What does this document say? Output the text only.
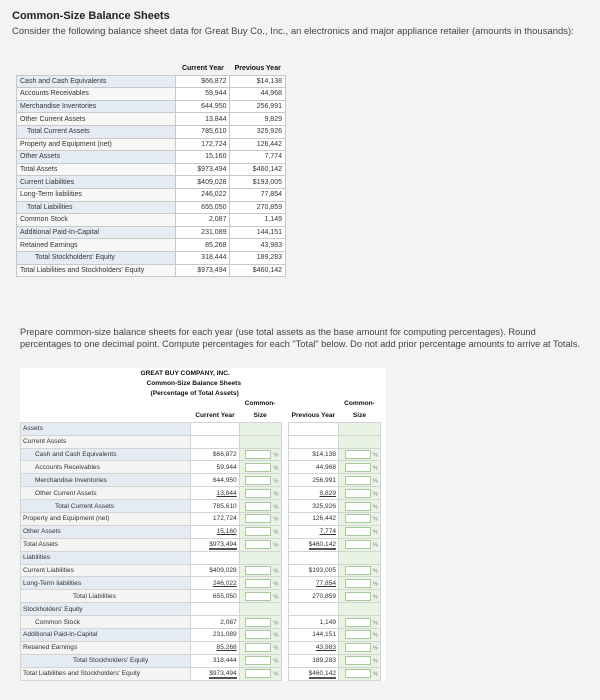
Common-Size Balance Sheets
Consider the following balance sheet data for Great Buy Co., Inc., an electronics and major appliance retailer (amounts in thousands):
	Current Year	Previous Year
Cash and Cash Equivalents	$66,872	$14,138
Accounts Receivables	59,944	44,968
Merchandise Inventories	644,950	256,991
Other Current Assets	13,844	9,829
Total Current Assets	785,610	325,926
Property and Equipment (net)	172,724	126,442
Other Assets	15,160	7,774
Total Assets	$973,494	$460,142
Current Liabilities	$409,028	$193,005
Long-Term liabilities	246,022	77,854
Total Liabilities	655,050	270,859
Common Stock	2,087	1,149
Additional Paid-In-Capital	231,089	144,151
Retained Earnings	85,268	43,983
Total Stockholders' Equity	318,444	189,283
Total Liabilities and Stockholders' Equity	$973,494	$460,142
Prepare common-size balance sheets for each year (use total assets as the base amount for computing percentages). Round percentages to one decimal point. Compute percentages for each "Total" below. Do not add prior percentage amounts to arrive at Totals.
GREAT BUY COMPANY, INC.						
Common-Size Balance Sheets						
(Percentage of Total Assets)						
		Common-			Common-	
	Current Year	Size		Previous Year	Size	
Assets						
Current Assets						
Cash and Cash Equivalents	$66,872	%		$14,138	%	
Accounts Receivables	59,944	%		44,968	%	
Merchandise Inventories	644,950	%		256,991	%	
Other Current Assets	13,844	%		9,829	%	
Total Current Assets	785,610	%		325,926	%	
Property and Equipment (net)	172,724	%		126,442	%	
Other Assets	15,160	%		7,774	%	
Total Assets	$973,494	%		$460,142	%	
Liabilities						
Current Liabilities	$409,028	%		$193,005	%	
Long-Term liabilities	246,022	%		77,854	%	
Total Liabilities	655,050	%		270,859	%	
Stockholders' Equity						
Common Stock	2,087	%		1,149	%	
Additional Paid-In-Capital	231,089	%		144,151	%	
Retained Earnings	85,268	%		43,983	%	
Total Stockholders' Equity	318,444	%		189,283	%	
Total Liabilities and Stockholders' Equity	$973,494	%		$460,142	%	
